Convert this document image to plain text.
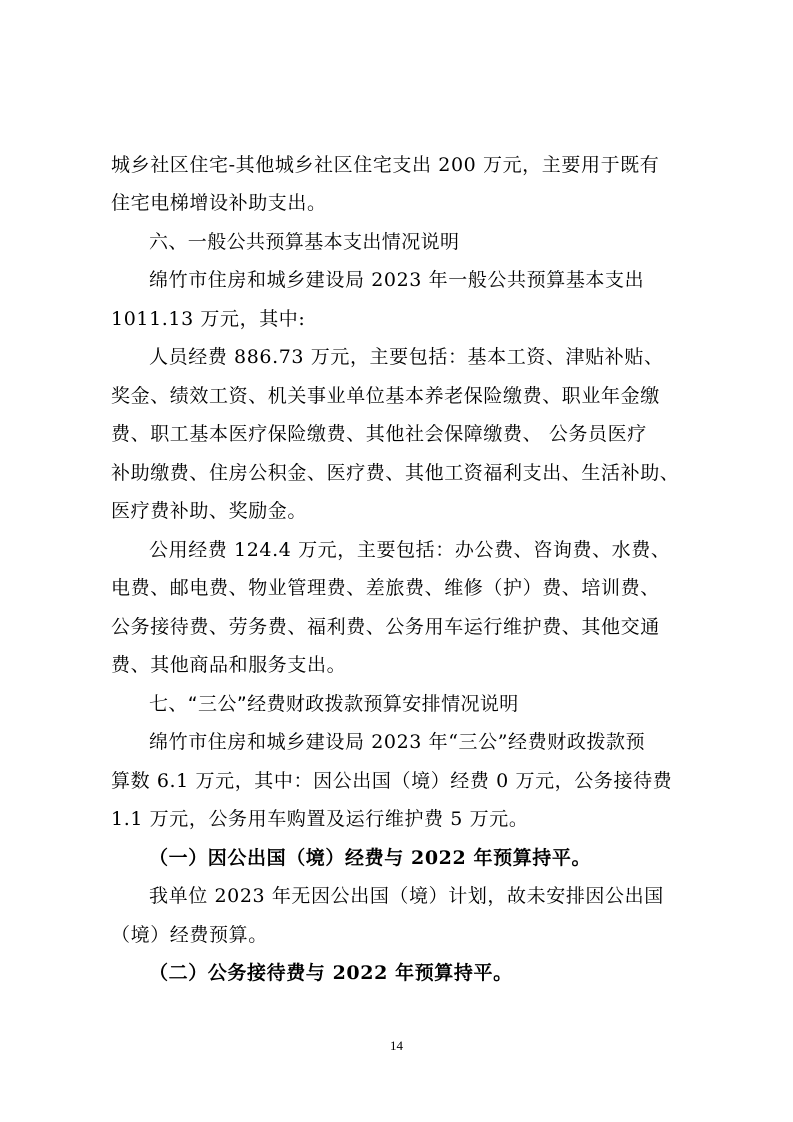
城乡社区住宅-其他城乡社区住宅支出 200 万元，主要用于既有
住宅电梯增设补助支出。
六、一般公共预算基本支出情况说明
绵竹市住房和城乡建设局 2023 年一般公共预算基本支出
1011.13 万元，其中:
人员经费 886.73 万元，主要包括：基本工资、津贴补贴、
奖金、绩效工资、机关事业单位基本养老保险缴费、职业年金缴
费、职工基本医疗保险缴费、其他社会保障缴费、 公务员医疗
补助缴费、住房公积金、医疗费、其他工资福利支出、生活补助、
医疗费补助、奖励金。
公用经费 124.4 万元，主要包括：办公费、咨询费、水费、
电费、邮电费、物业管理费、差旅费、维修（护）费、培训费、
公务接待费、劳务费、福利费、公务用车运行维护费、其他交通
费、其他商品和服务支出。
七、“三公”经费财政拨款预算安排情况说明
绵竹市住房和城乡建设局 2023 年“三公”经费财政拨款预
算数 6.1 万元，其中：因公出国（境）经费 0 万元，公务接待费
1.1 万元，公务用车购置及运行维护费 5 万元。
（一）因公出国（境）经费与 2022 年预算持平。
我单位 2023 年无因公出国（境）计划，故未安排因公出国
（境）经费预算。
（二）公务接待费与 2022 年预算持平。
14
